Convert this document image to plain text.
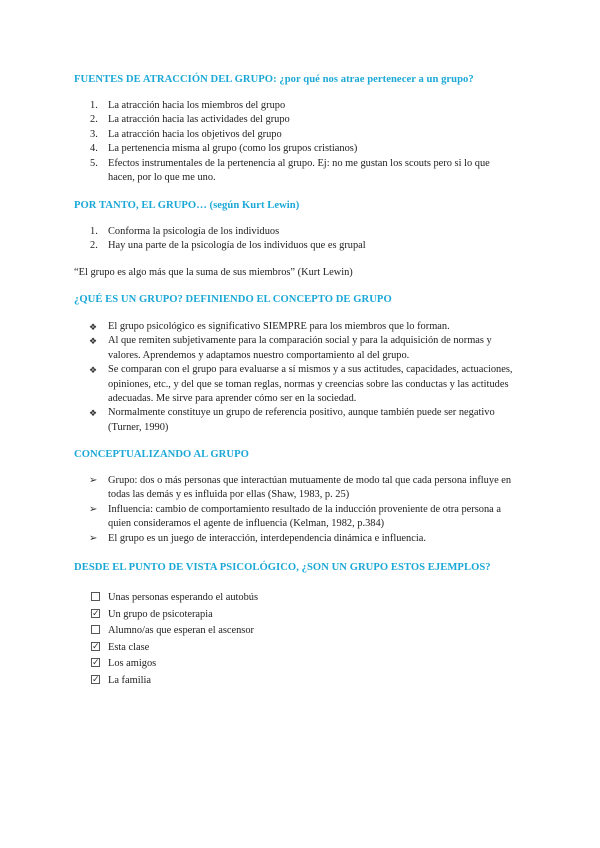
FUENTES DE ATRACCIÓN DEL GRUPO: ¿por qué nos atrae pertenecer a un grupo?
1. La atracción hacia los miembros del grupo
2. La atracción hacia las actividades del grupo
3. La atracción hacia los objetivos del grupo
4. La pertenencia misma al grupo (como los grupos cristianos)
5. Efectos instrumentales de la pertenencia al grupo. Ej: no me gustan los scouts pero si lo que hacen, por lo que me uno.
POR TANTO, EL GRUPO… (según Kurt Lewin)
1. Conforma la psicología de los individuos
2. Hay una parte de la psicología de los individuos que es grupal

“El grupo es algo más que la suma de sus miembros” (Kurt Lewin)

¿QUÉ ES UN GRUPO? DEFINIENDO EL CONCEPTO DE GRUPO
❖ El grupo psicológico es significativo SIEMPRE para los miembros que lo forman.
❖ Al que remiten subjetivamente para la comparación social y para la adquisición de normas y valores. Aprendemos y adaptamos nuestro comportamiento al del grupo.
❖ Se comparan con el grupo para evaluarse a sí mismos y a sus actitudes, capacidades, actuaciones, opiniones, etc., y del que se toman reglas, normas y creencias sobre las conductas y las actitudes adecuadas. Me sirve para aprender cómo ser en la sociedad.
❖ Normalmente constituye un grupo de referencia positivo, aunque también puede ser negativo (Turner, 1990)
CONCEPTUALIZANDO AL GRUPO
➢ Grupo: dos o más personas que interactúan mutuamente de modo tal que cada persona influye en todas las demás y es influida por ellas (Shaw, 1983, p. 25)
➢ Influencia: cambio de comportamiento resultado de la inducción proveniente de otra persona a quien consideramos el agente de influencia (Kelman, 1982, p.384)
➢ El grupo es un juego de interacción, interdependencia dinámica e influencia.
DESDE EL PUNTO DE VISTA PSICOLÓGICO, ¿SON UN GRUPO ESTOS EJEMPLOS?
Unas personas esperando el autobús
✓ Un grupo de psicoterapia
Alumno/as que esperan el ascensor
✓ Esta clase
✓ Los amigos
✓ La familia
